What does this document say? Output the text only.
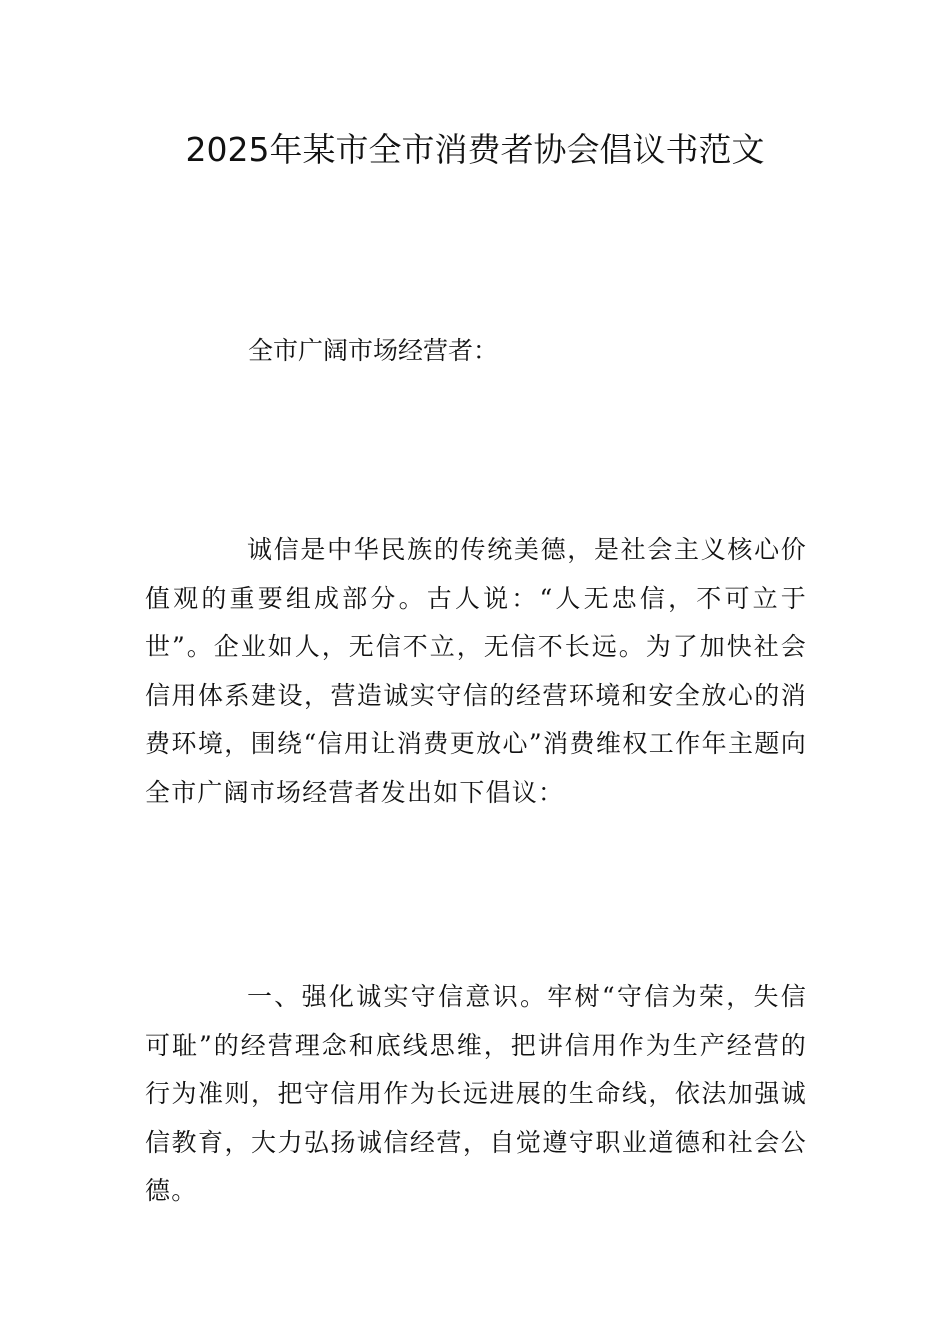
2025年某市全市消费者协会倡议书范文

全市广阔市场经营者：

诚信是中华民族的传统美德，是社会主义核心价值观的重要组成部分。古人说：“人无忠信，不可立于世”。企业如人，无信不立，无信不长远。为了加快社会信用体系建设，营造诚实守信的经营环境和安全放心的消费环境，围绕“信用让消费更放心”消费维权工作年主题向全市广阔市场经营者发出如下倡议：

一、强化诚实守信意识。牢树“守信为荣，失信可耻”的经营理念和底线思维，把讲信用作为生产经营的行为准则，把守信用作为长远进展的生命线，依法加强诚信教育，大力弘扬诚信经营，自觉遵守职业道德和社会公德。
